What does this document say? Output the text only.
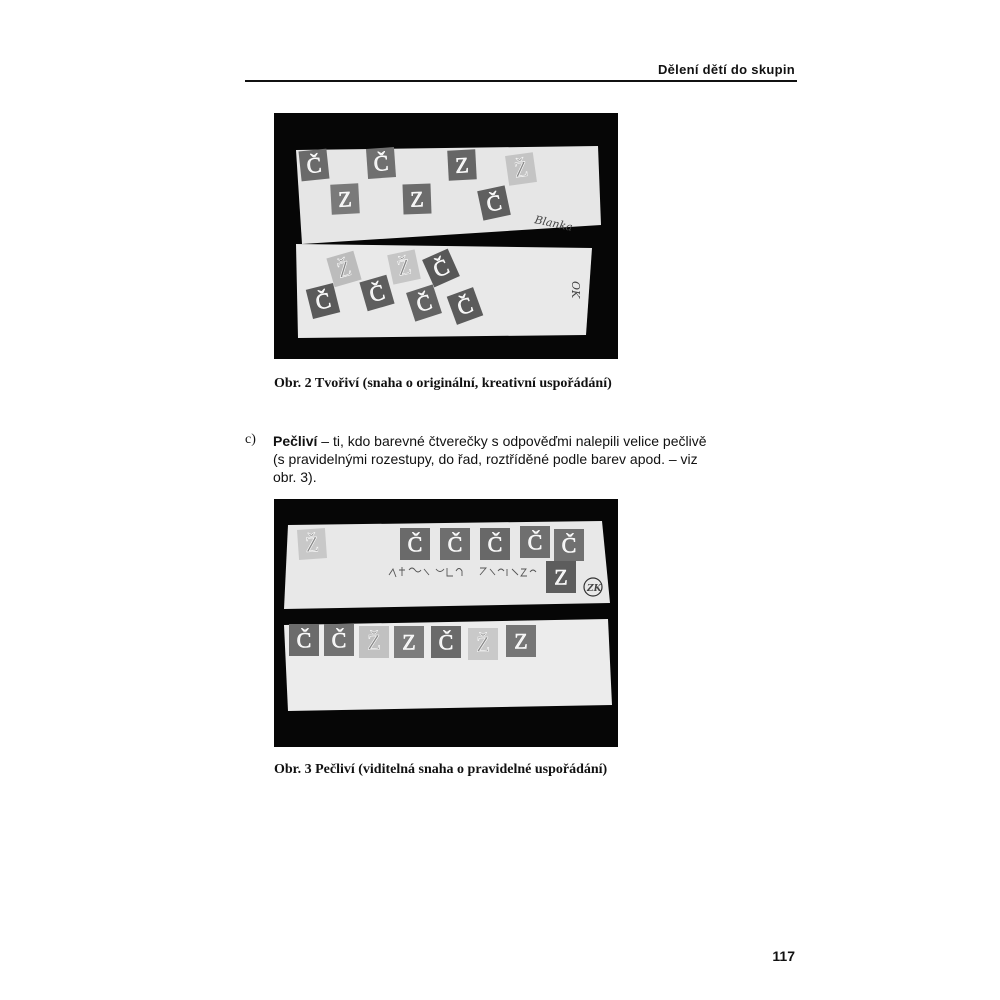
Dělení dětí do skupin
Č Č	Z Ž
Z	Z	Č
Blanka
Ž Ž Č
Č Č Č Č
OK
Obr. 2 Tvořiví (snaha o originální, kreativní uspořádání)
c) Pečliví – ti, kdo barevné čtverečky s odpověďmi nalepili velice pečlivě (s pravidelnými rozestupy, do řad, roztříděné podle barev apod. – viz obr. 3).
Ž	Č Č Č Č Č
Z ZK
Č Č Ž Z Č Ž Z
Obr. 3 Pečliví (viditelná snaha o pravidelné uspořádání)
117
